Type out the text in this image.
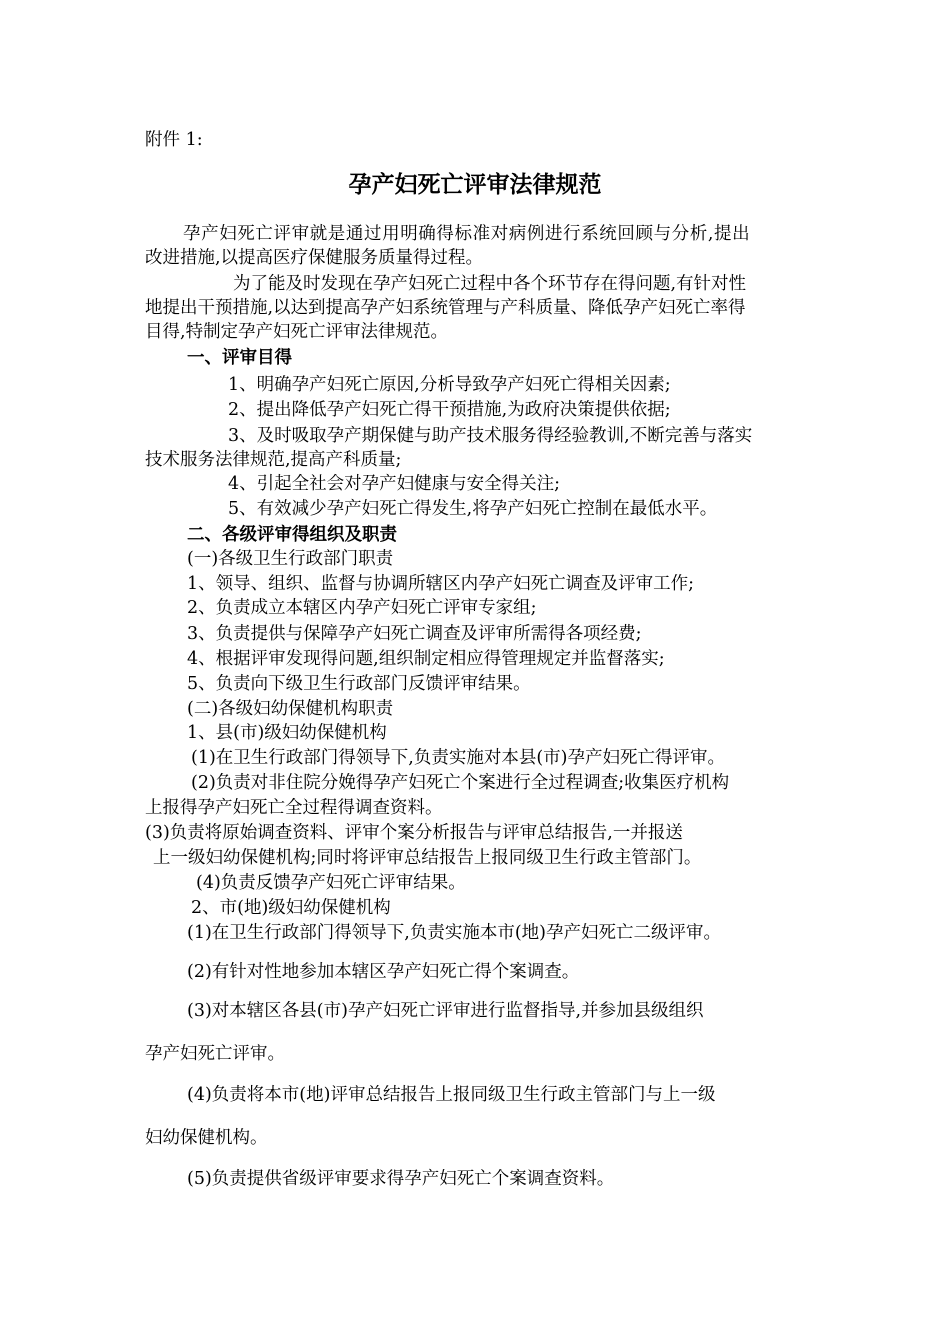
附件 1:
孕产妇死亡评审法律规范
孕产妇死亡评审就是通过用明确得标准对病例进行系统回顾与分析,提出
改进措施,以提高医疗保健服务质量得过程。
为了能及时发现在孕产妇死亡过程中各个环节存在得问题,有针对性
地提出干预措施,以达到提高孕产妇系统管理与产科质量、降低孕产妇死亡率得
目得,特制定孕产妇死亡评审法律规范。
一、评审目得
1、明确孕产妇死亡原因,分析导致孕产妇死亡得相关因素;
2、提出降低孕产妇死亡得干预措施,为政府决策提供依据;
3、及时吸取孕产期保健与助产技术服务得经验教训,不断完善与落实
技术服务法律规范,提高产科质量;
4、引起全社会对孕产妇健康与安全得关注;
5、有效减少孕产妇死亡得发生,将孕产妇死亡控制在最低水平。
二、各级评审得组织及职责
(一)各级卫生行政部门职责
1、领导、组织、监督与协调所辖区内孕产妇死亡调查及评审工作;
2、负责成立本辖区内孕产妇死亡评审专家组;
3、负责提供与保障孕产妇死亡调查及评审所需得各项经费;
4、根据评审发现得问题,组织制定相应得管理规定并监督落实;
5、负责向下级卫生行政部门反馈评审结果。
(二)各级妇幼保健机构职责
1、县(市)级妇幼保健机构
(1)在卫生行政部门得领导下,负责实施对本县(市)孕产妇死亡得评审。
(2)负责对非住院分娩得孕产妇死亡个案进行全过程调查;收集医疗机构
上报得孕产妇死亡全过程得调查资料。
(3)负责将原始调查资料、评审个案分析报告与评审总结报告,一并报送
上一级妇幼保健机构;同时将评审总结报告上报同级卫生行政主管部门。
(4)负责反馈孕产妇死亡评审结果。
2、市(地)级妇幼保健机构
(1)在卫生行政部门得领导下,负责实施本市(地)孕产妇死亡二级评审。
(2)有针对性地参加本辖区孕产妇死亡得个案调查。
(3)对本辖区各县(市)孕产妇死亡评审进行监督指导,并参加县级组织
孕产妇死亡评审。
(4)负责将本市(地)评审总结报告上报同级卫生行政主管部门与上一级
妇幼保健机构。
(5)负责提供省级评审要求得孕产妇死亡个案调查资料。
